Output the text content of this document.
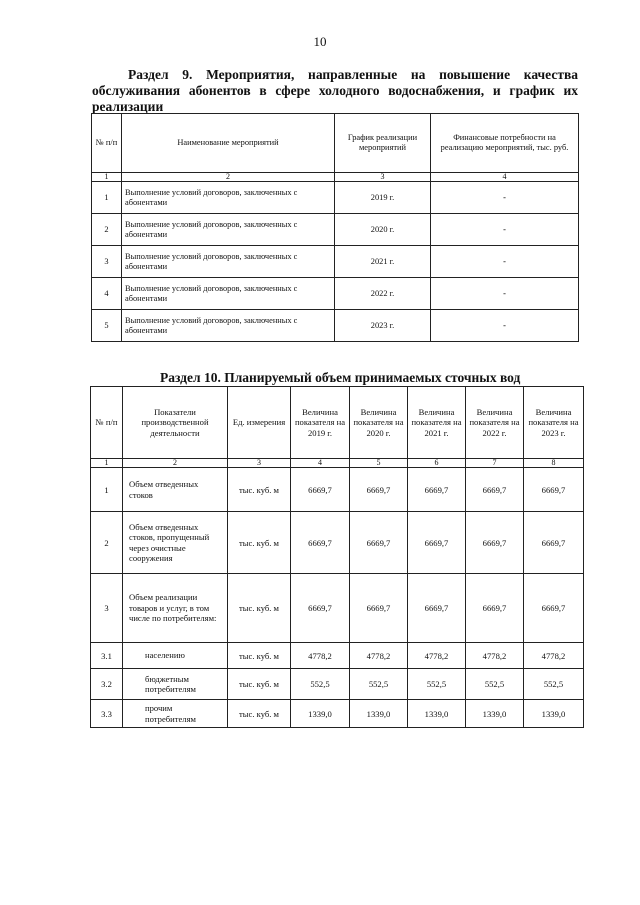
10
Раздел 9. Мероприятия, направленные на повышение качества обслуживания абонентов в сфере холодного водоснабжения, и график их реализации
№ п/п	Наименование мероприятий	График реализации мероприятий	Финансовые потребности на реализацию мероприятий, тыс. руб.
1	2	3	4
1	Выполнение условий договоров, заключенных с абонентами	2019 г.	-
2	Выполнение условий договоров, заключенных с абонентами	2020 г.	-
3	Выполнение условий договоров, заключенных с абонентами	2021 г.	-
4	Выполнение условий договоров, заключенных с абонентами	2022 г.	-
5	Выполнение условий договоров, заключенных с абонентами	2023 г.	-
Раздел 10. Планируемый объем принимаемых сточных вод
№ п/п	Показатели производственной деятельности	Ед. измерения	Величина показателя на 2019 г.	Величина показателя на 2020 г.	Величина показателя на 2021 г.	Величина показателя на 2022 г.	Величина показателя на 2023 г.
1	2	3	4	5	6	7	8
1	Объем отведенных стоков	тыс. куб. м	6669,7	6669,7	6669,7	6669,7	6669,7
2	Объем отведенных стоков, пропущенный через очистные сооружения	тыс. куб. м	6669,7	6669,7	6669,7	6669,7	6669,7
3	Объем реализации товаров и услуг, в том числе по потребителям:	тыс. куб. м	6669,7	6669,7	6669,7	6669,7	6669,7
3.1	населению	тыс. куб. м	4778,2	4778,2	4778,2	4778,2	4778,2
3.2	бюджетным потребителям	тыс. куб. м	552,5	552,5	552,5	552,5	552,5
3.3	прочим потребителям	тыс. куб. м	1339,0	1339,0	1339,0	1339,0	1339,0
